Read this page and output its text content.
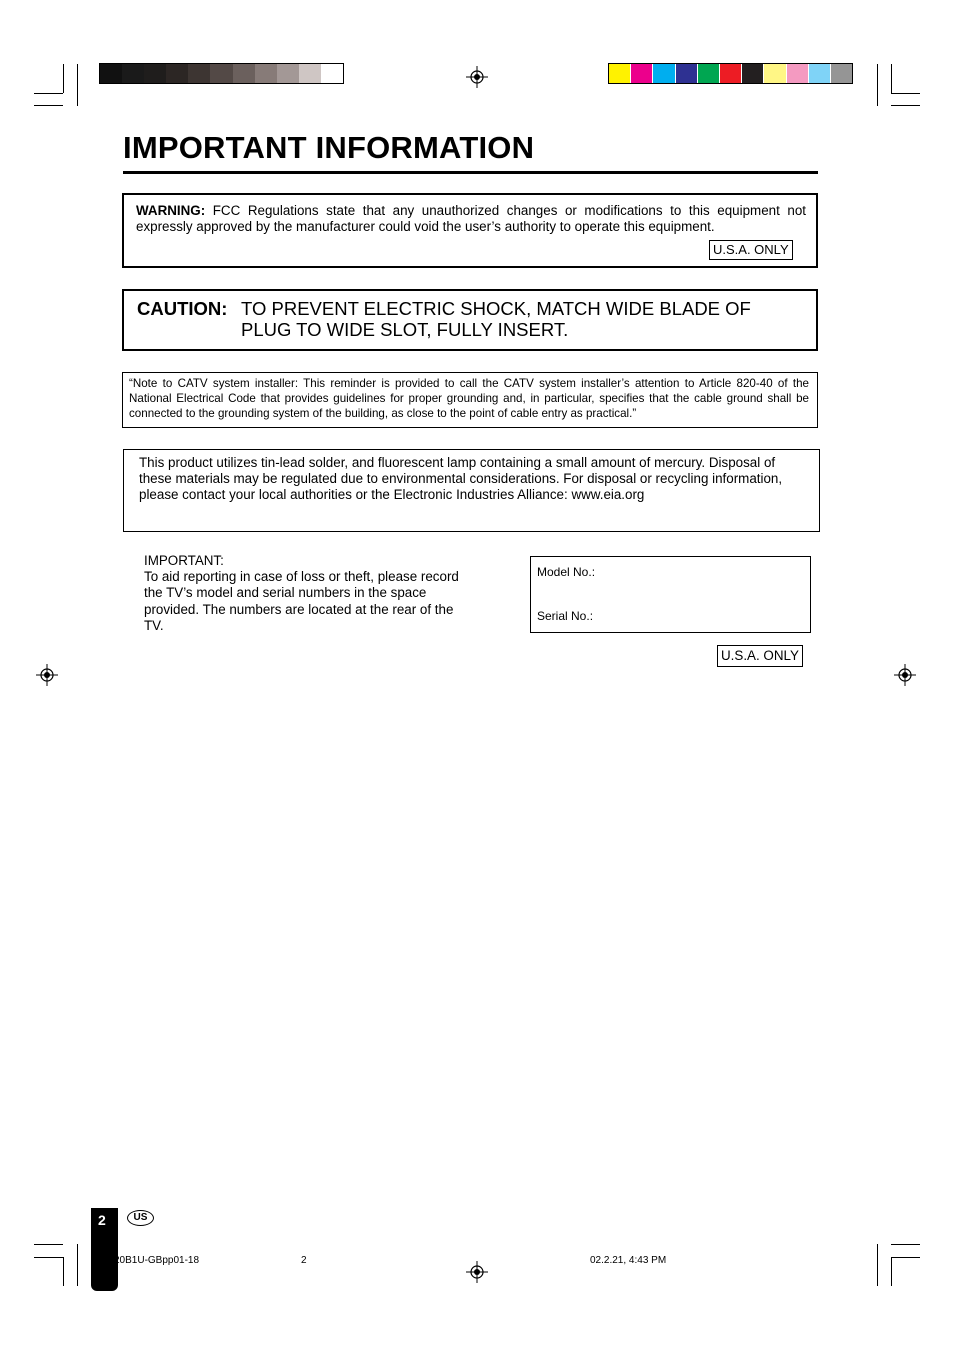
IMPORTANT INFORMATION
WARNING: FCC Regulations state that any unauthorized changes or modifications to this equipment not expressly approved by the manufacturer could void the user’s authority to operate this equipment.
U.S.A. ONLY
CAUTION: TO PREVENT ELECTRIC SHOCK, MATCH WIDE BLADE OF PLUG TO WIDE SLOT, FULLY INSERT.
“Note to CATV system installer: This reminder is provided to call the CATV system installer’s attention to Article 820-40 of the National Electrical Code that provides guidelines for proper grounding and, in particular, specifies that the cable ground shall be connected to the grounding system of the building, as close to the point of cable entry as practical.”
This product utilizes tin-lead solder, and fluorescent lamp containing a small amount of mercury. Disposal of these materials may be regulated due to environmental considerations. For disposal or recycling information, please contact your local authorities or the Electronic Industries Alliance: www.eia.org
IMPORTANT:
To aid reporting in case of loss or theft, please record the TV’s model and serial numbers in the space provided. The numbers are located at the rear of the TV.
Model No.:
Serial No.:
U.S.A. ONLY
2	US
20B1U-GBpp01-18	2	02.2.21, 4:43 PM
